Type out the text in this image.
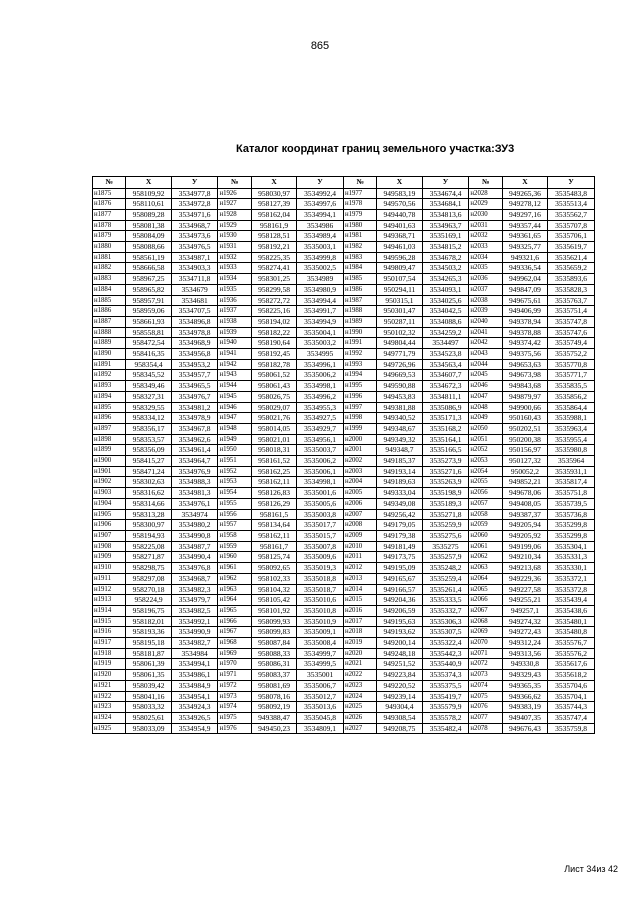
865
Каталог координат границ земельного участка:ЗУ3
№	X	У	№	X	У	№	X	У	№	X	У
н1875	958109,92	3534977,8	н1926	958030,97	3534992,4	н1977	949583,19	3534674,4	н2028	949265,36	3535483,8
н1876	958110,61	3534972,8	н1927	958127,39	3534997,6	н1978	949570,56	3534684,1	н2029	949278,12	3535513,4
н1877	958089,28	3534971,6	н1928	958162,04	3534994,1	н1979	949440,78	3534813,6	н2030	949297,16	3535562,7
н1878	958081,38	3534968,7	н1929	958161,9	3534986	н1980	949401,63	3534963,7	н2031	949357,44	3535707,8
н1879	958084,09	3534973,6	н1930	958128,51	3534989,4	н1981	949368,71	3535169,1	н2032	949361,65	3535706,1
н1880	958088,66	3534976,5	н1931	958192,21	3535003,1	н1982	949461,03	3534815,2	н2033	949325,77	3535619,7
н1881	958561,19	3534987,1	н1932	958225,35	3534999,8	н1983	949596,28	3534678,2	н2034	949321,6	3535621,4
н1882	958666,58	3534903,3	н1933	958274,41	3535002,5	н1984	949809,47	3534503,2	н2035	949336,54	3535659,2
н1883	958967,25	3534711,8	н1934	958301,25	3534989	н1985	950107,54	3534265,3	н2036	949962,04	3535893,6
н1884	958965,82	3534679	н1935	958299,58	3534980,9	н1986	950294,11	3534093,1	н2037	949847,09	3535828,3
н1885	958957,91	3534681	н1936	958272,72	3534994,4	н1987	950315,1	3534025,6	н2038	949675,61	3535763,7
н1886	958959,06	3534707,5	н1937	958225,16	3534991,7	н1988	950301,47	3534042,5	н2039	949406,99	3535751,4
н1887	958661,93	3534896,8	н1938	958194,02	3534994,9	н1989	950287,11	3534088,6	н2040	949378,94	3535747,8
н1888	958558,81	3534978,8	н1939	958182,22	3535004,1	н1990	950102,32	3534259,2	н2041	949378,88	3535747,6
н1889	958472,54	3534968,9	н1940	958190,64	3535003,2	н1991	949804,44	3534497	н2042	949374,42	3535749,4
н1890	958416,35	3534956,8	н1941	958192,45	3534995	н1992	949771,79	3534523,8	н2043	949375,56	3535752,2
н1891	958354,4	3534953,2	н1942	958182,78	3534996,1	н1993	949726,96	3534563,4	н2044	949653,63	3535770,8
н1892	958345,52	3534957,7	н1943	958061,52	3535006,2	н1994	949669,53	3534607,7	н2045	949673,98	3535771,7
н1893	958349,46	3534965,5	н1944	958061,43	3534998,1	н1995	949590,88	3534672,3	н2046	949843,68	3535835,5
н1894	958327,31	3534976,7	н1945	958026,75	3534996,2	н1996	949453,83	3534811,1	н2047	949879,97	3535856,2
н1895	958329,55	3534981,2	н1946	958029,07	3534955,3	н1997	949381,88	3535086,9	н2048	949900,66	3535864,4
н1896	958334,12	3534978,9	н1947	958021,76	3534927,5	н1998	949340,52	3535171,3	н2049	950160,43	3535988,1
н1897	958356,17	3534967,8	н1948	958014,05	3534929,7	н1999	949348,67	3535168,2	н2050	950202,51	3535963,4
н1898	958353,57	3534962,6	н1949	958021,01	3534956,1	н2000	949349,32	3535164,1	н2051	950200,38	3535955,4
н1899	958356,09	3534961,4	н1950	958018,31	3535003,7	н2001	949348,7	3535166,5	н2052	950156,97	3535980,8
н1900	958415,27	3534964,7	н1951	958161,52	3535006,2	н2002	949185,37	3535273,9	н2053	950127,32	3535964
н1901	958471,24	3534976,9	н1952	958162,25	3535006,1	н2003	949193,14	3535271,6	н2054	950052,2	3535931,1
н1902	958302,63	3534988,3	н1953	958162,11	3534998,1	н2004	949189,63	3535263,9	н2055	949852,21	3535817,4
н1903	958316,62	3534981,3	н1954	958126,83	3535001,6	н2005	949333,04	3535198,9	н2056	949678,06	3535751,8
н1904	958314,66	3534976,1	н1955	958126,29	3535005,6	н2006	949349,08	3535189,3	н2057	949408,05	3535739,5
н1905	958313,28	3534974	н1956	958161,5	3535003,8	н2007	949256,42	3535271,8	н2058	949387,37	3535736,8
н1906	958300,97	3534980,2	н1957	958134,64	3535017,7	н2008	949179,05	3535259,9	н2059	949205,94	3535299,8
н1907	958194,93	3534990,8	н1958	958162,11	3535015,7	н2009	949179,38	3535275,6	н2060	949205,92	3535299,8
н1908	958225,08	3534987,7	н1959	958161,7	3535007,8	н2010	949181,49	3535275	н2061	949199,06	3535304,1
н1909	958271,87	3534990,4	н1960	958125,74	3535009,6	н2011	949173,75	3535257,9	н2062	949210,34	3535331,3
н1910	958298,75	3534976,8	н1961	958092,65	3535019,3	н2012	949195,09	3535248,2	н2063	949213,68	3535330,1
н1911	958297,08	3534968,7	н1962	958102,33	3535018,8	н2013	949165,67	3535259,4	н2064	949229,36	3535372,1
н1912	958270,18	3534982,3	н1963	958104,32	3535018,7	н2014	949166,57	3535261,4	н2065	949227,58	3535372,8
н1913	958224,9	3534979,7	н1964	958105,42	3535010,6	н2015	949204,36	3535333,5	н2066	949255,21	3535439,4
н1914	958196,75	3534982,5	н1965	958101,92	3535010,8	н2016	949206,59	3535332,7	н2067	949257,1	3535438,6
н1915	958182,01	3534992,1	н1966	958099,93	3535010,9	н2017	949195,63	3535306,3	н2068	949274,32	3535480,1
н1916	958193,36	3534990,9	н1967	958099,83	3535009,1	н2018	949193,62	3535307,5	н2069	949272,43	3535480,8
н1917	958195,18	3534982,7	н1968	958087,84	3535008,4	н2019	949200,14	3535322,4	н2070	949312,24	3535576,7
н1918	958181,87	3534984	н1969	958088,33	3534999,7	н2020	949248,18	3535442,3	н2071	949313,56	3535576,2
н1919	958061,39	3534994,1	н1970	958086,31	3534999,5	н2021	949251,52	3535440,9	н2072	949330,8	3535617,6
н1920	958061,35	3534986,1	н1971	958083,37	3535001	н2022	949223,84	3535374,3	н2073	949329,43	3535618,2
н1921	958039,42	3534984,9	н1972	958081,69	3535006,7	н2023	949220,52	3535375,5	н2074	949365,35	3535704,6
н1922	958041,16	3534954,1	н1973	958078,16	3535012,7	н2024	949239,14	3535419,7	н2075	949366,62	3535704,1
н1923	958033,32	3534924,3	н1974	958092,19	3535013,6	н2025	949304,4	3535579,9	н2076	949383,19	3535744,3
н1924	958025,61	3534926,5	н1975	949388,47	3535045,8	н2026	949308,54	3535578,2	н2077	949407,35	3535747,4
н1925	958033,09	3534954,9	н1976	949450,23	3534809,1	н2027	949208,75	3535482,4	н2078	949676,43	3535759,8
Лист 34из 42
